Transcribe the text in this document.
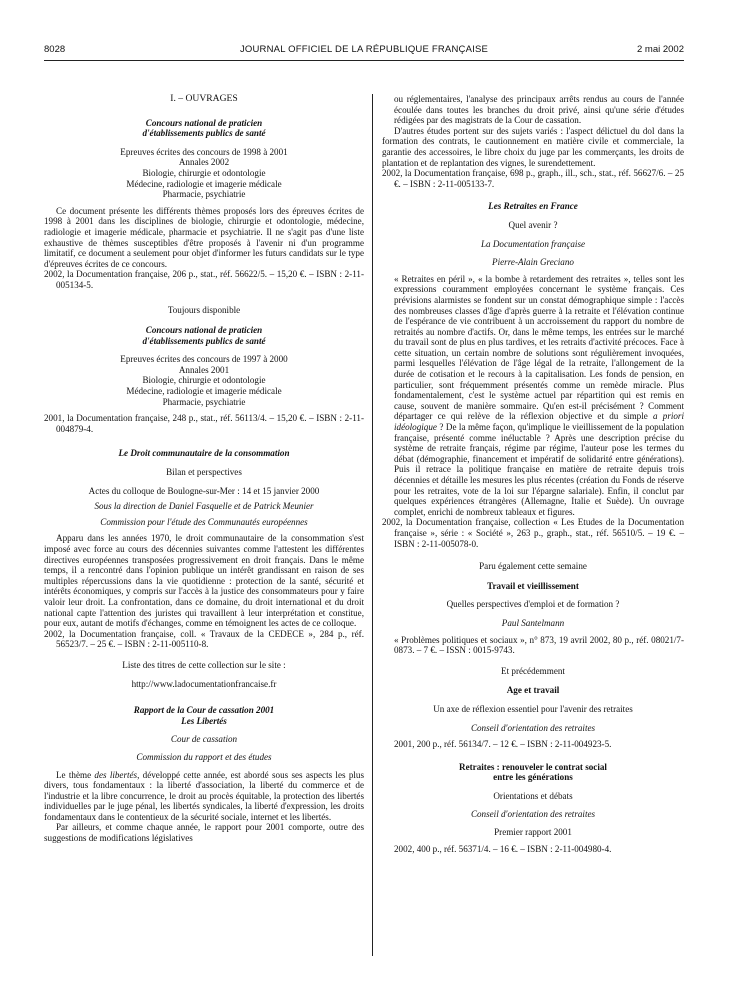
8028	JOURNAL OFFICIEL DE LA RÉPUBLIQUE FRANÇAISE	2 mai 2002
I. – OUVRAGES
Concours national de praticien
d'établissements publics de santé
Epreuves écrites des concours de 1998 à 2001
Annales 2002
Biologie, chirurgie et odontologie
Médecine, radiologie et imagerie médicale
Pharmacie, psychiatrie

Ce document présente les différents thèmes proposés lors des épreuves écrites de 1998 à 2001 dans les disciplines de biologie, chirurgie et odontologie, médecine, radiologie et imagerie médicale, pharmacie et psychiatrie. Il ne s'agit pas d'une liste exhaustive de thèmes susceptibles d'être proposés à l'avenir ni d'un programme limitatif, ce document a seulement pour objet d'informer les futurs candidats sur le type d'épreuves écrites de ce concours.

2002, la Documentation française, 206 p., stat., réf. 56622/5. – 15,20 €. – ISBN : 2-11-005134-5.

Toujours disponible
Concours national de praticien
d'établissements publics de santé
Epreuves écrites des concours de 1997 à 2000
Annales 2001
Biologie, chirurgie et odontologie
Médecine, radiologie et imagerie médicale
Pharmacie, psychiatrie

2001, la Documentation française, 248 p., stat., réf. 56113/4. – 15,20 €. – ISBN : 2-11-004879-4.

Le Droit communautaire de la consommation
Bilan et perspectives
Actes du colloque de Boulogne-sur-Mer : 14 et 15 janvier 2000
Sous la direction de Daniel Fasquelle et de Patrick Meunier
Commission pour l'étude des Communautés européennes

Apparu dans les années 1970, le droit communautaire de la consommation s'est imposé avec force au cours des décennies suivantes comme l'attestent les différentes directives européennes transposées progressivement en droit français. Dans le même temps, il a rencontré dans l'opinion publique un intérêt grandissant en raison de ses multiples répercussions dans la vie quotidienne : protection de la santé, sécurité et intérêts économiques, y compris sur l'accès à la justice des consommateurs pour y faire valoir leur droit. La confrontation, dans ce domaine, du droit international et du droit national capte l'attention des juristes qui travaillent à leur interprétation et constitue, pour eux, autant de motifs d'échanges, comme en témoignent les actes de ce colloque.

2002, la Documentation française, coll. « Travaux de la CEDECE », 284 p., réf. 56523/7. – 25 €. – ISBN : 2-11-005110-8.

Liste des titres de cette collection sur le site :
http://www.ladocumentationfrancaise.fr
Rapport de la Cour de cassation 2001
Les Libertés
Cour de cassation
Commission du rapport et des études

Le thème des libertés, développé cette année, est abordé sous ses aspects les plus divers, tous fondamentaux : la liberté d'association, la liberté du commerce et de l'industrie et la libre concurrence, le droit au procès équitable, la protection des libertés individuelles par le juge pénal, les libertés syndicales, la liberté d'expression, les droits fondamentaux dans le contentieux de la sécurité sociale, internet et les libertés.

Par ailleurs, et comme chaque année, le rapport pour 2001 comporte, outre des suggestions de modifications législatives

ou réglementaires, l'analyse des principaux arrêts rendus au cours de l'année écoulée dans toutes les branches du droit privé, ainsi qu'une série d'études rédigées par des magistrats de la Cour de cassation.

D'autres études portent sur des sujets variés : l'aspect délictuel du dol dans la formation des contrats, le cautionnement en matière civile et commerciale, la garantie des accessoires, le libre choix du juge par les commerçants, les droits de plantation et de replantation des vignes, le surendettement.

2002, la Documentation française, 698 p., graph., ill., sch., stat., réf. 56627/6. – 25 €. – ISBN : 2-11-005133-7.

Les Retraites en France
Quel avenir ?
La Documentation française
Pierre-Alain Greciano

« Retraites en péril », « la bombe à retardement des retraites », telles sont les expressions couramment employées concernant le système français. Ces prévisions alarmistes se fondent sur un constat démographique simple : l'accès des nombreuses classes d'âge d'après guerre à la retraite et l'élévation continue de l'espérance de vie contribuent à un accroissement du rapport du nombre de retraités au nombre d'actifs. Or, dans le même temps, les entrées sur le marché du travail sont de plus en plus tardives, et les retraits d'activité précoces. Face à cette situation, un certain nombre de solutions sont régulièrement invoquées, parmi lesquelles l'élévation de l'âge légal de la retraite, l'allongement de la durée de cotisation et le recours à la capitalisation. Les fonds de pension, en particulier, sont fréquemment présentés comme un remède miracle. Plus fondamentalement, c'est le système actuel par répartition qui est remis en cause, souvent de manière sommaire. Qu'en est-il précisément ? Comment départager ce qui relève de la réflexion objective et du simple a priori idéologique ? De la même façon, qu'implique le vieillissement de la population française, présenté comme inéluctable ? Après une description précise du système de retraite français, régime par régime, l'auteur pose les termes du débat (démographie, financement et impératif de solidarité entre générations). Puis il retrace la politique française en matière de retraite depuis trois décennies et détaille les mesures les plus récentes (création du Fonds de réserve pour les retraites, vote de la loi sur l'épargne salariale). Enfin, il conclut par quelques expériences étrangères (Allemagne, Italie et Suède). Un ouvrage complet, enrichi de nombreux tableaux et figures.

2002, la Documentation française, collection « Les Etudes de la Documentation française », série : « Société », 263 p., graph., stat., réf. 56510/5. – 19 €. – ISBN : 2-11-005078-0.

Paru également cette semaine
Travail et vieillissement
Quelles perspectives d'emploi et de formation ?
Paul Santelmann

« Problèmes politiques et sociaux », n° 873, 19 avril 2002, 80 p., réf. 08021/7-0873. – 7 €. – ISSN : 0015-9743.

Et précédemment
Age et travail
Un axe de réflexion essentiel pour l'avenir des retraites
Conseil d'orientation des retraites

2001, 200 p., réf. 56134/7. – 12 €. – ISBN : 2-11-004923-5.

Retraites : renouveler le contrat social
entre les générations
Orientations et débats
Conseil d'orientation des retraites
Premier rapport 2001

2002, 400 p., réf. 56371/4. – 16 €. – ISBN : 2-11-004980-4.
